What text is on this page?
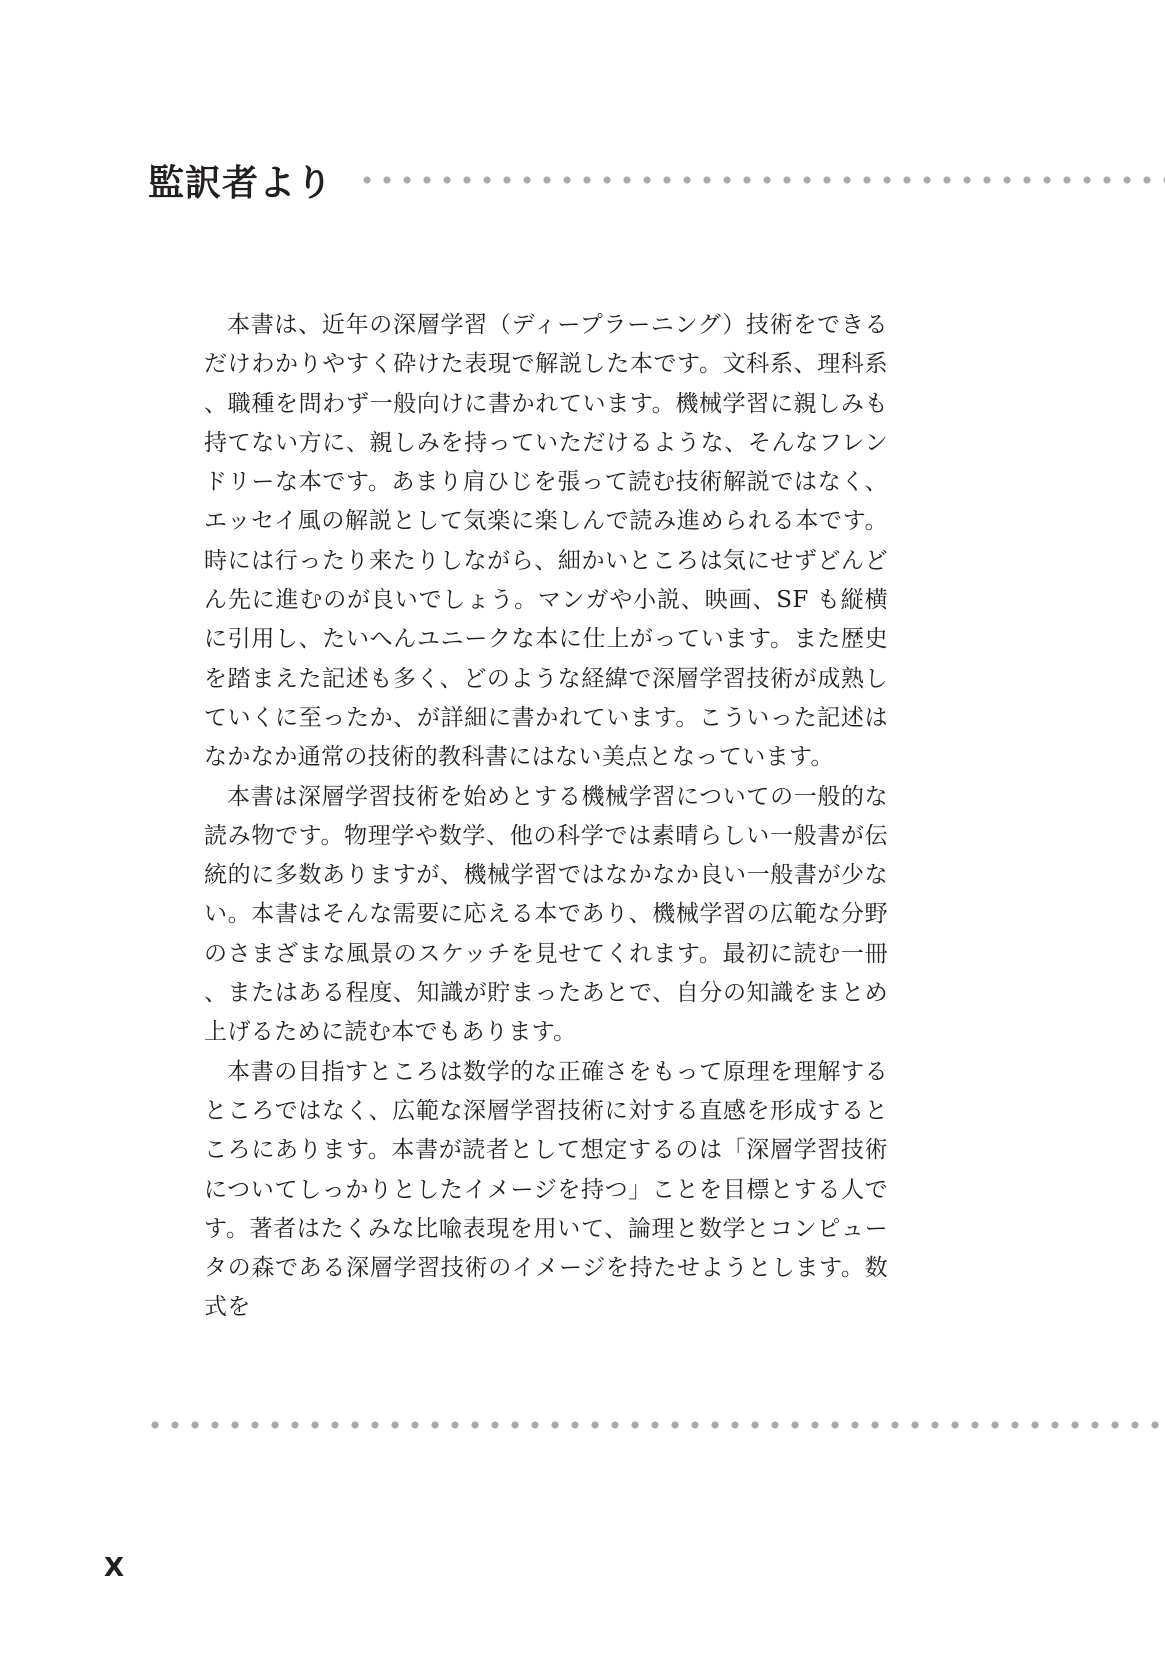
監訳者より

本書は、近年の深層学習（ディープラーニング）技術をできるだけわかりやすく砕けた表現で解説した本です。文科系、理科系、職種を問わず一般向けに書かれています。機械学習に親しみも持てない方に、親しみを持っていただけるような、そんなフレンドリーな本です。あまり肩ひじを張って読む技術解説ではなく、エッセイ風の解説として気楽に楽しんで読み進められる本です。時には行ったり来たりしながら、細かいところは気にせずどんどん先に進むのが良いでしょう。マンガや小説、映画、SF も縦横に引用し、たいへんユニークな本に仕上がっています。また歴史を踏まえた記述も多く、どのような経緯で深層学習技術が成熟していくに至ったか、が詳細に書かれています。こういった記述はなかなか通常の技術的教科書にはない美点となっています。

本書は深層学習技術を始めとする機械学習についての一般的な読み物です。物理学や数学、他の科学では素晴らしい一般書が伝統的に多数ありますが、機械学習ではなかなか良い一般書が少ない。本書はそんな需要に応える本であり、機械学習の広範な分野のさまざまな風景のスケッチを見せてくれます。最初に読む一冊、またはある程度、知識が貯まったあとで、自分の知識をまとめ上げるために読む本でもあります。

本書の目指すところは数学的な正確さをもって原理を理解するところではなく、広範な深層学習技術に対する直感を形成するところにあります。本書が読者として想定するのは「深層学習技術についてしっかりとしたイメージを持つ」ことを目標とする人です。著者はたくみな比喩表現を用いて、論理と数学とコンピュータの森である深層学習技術のイメージを持たせようとします。数式を

X
